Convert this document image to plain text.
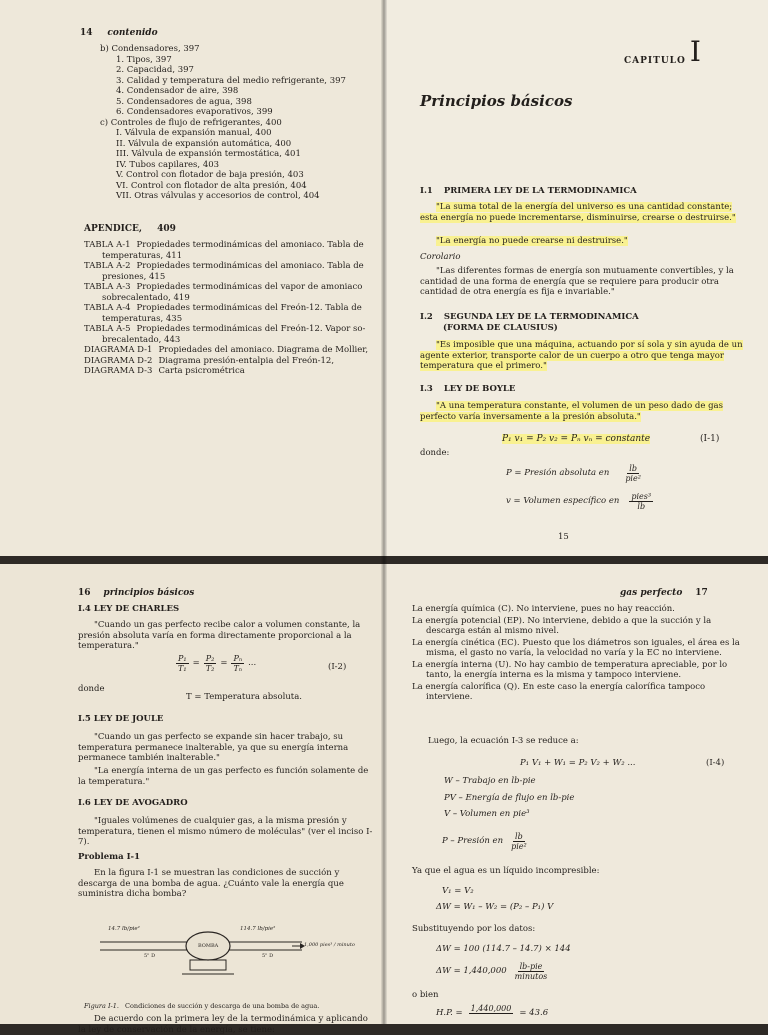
14 contenido
b) Condensadores, 397
1. Tipos, 397
2. Capacidad, 397
3. Calidad y temperatura del medio refrigerante, 397
4. Condensador de aire, 398
5. Condensadores de agua, 398
6. Condensadores evaporativos, 399
c) Controles de flujo de refrigerantes, 400
I. Válvula de expansión manual, 400
II. Válvula de expansión automática, 400
III. Válvula de expansión termostática, 401
IV. Tubos capilares, 403
V. Control con flotador de baja presión, 403
VI. Control con flotador de alta presión, 404
VII. Otras válvulas y accesorios de control, 404
APENDICE, 409
TABLA A-1 Propiedades termodinámicas del amoniaco. Tabla de
temperaturas, 411
TABLA A-2 Propiedades termodinámicas del amoniaco. Tabla de
presiones, 415
TABLA A-3 Propiedades termodinámicas del vapor de amoniaco
sobrecalentado, 419
TABLA A-4 Propiedades termodinámicas del Freón-12. Tabla de
temperaturas, 435
TABLA A-5 Propiedades termodinámicas del Freón-12. Vapor so-
brecalentado, 443
DIAGRAMA D-1 Propiedades del amoniaco. Diagrama de Mollier,
DIAGRAMA D-2 Diagrama presión-entalpia del Freón-12,
DIAGRAMA D-3 Carta psicrométrica
CAPITULO I
Principios básicos
I.1 PRIMERA LEY DE LA TERMODINAMICA
"La suma total de la energía del universo es una cantidad constante; esta energía no puede incrementarse, disminuirse, crearse o destruirse."
"La energía no puede crearse ni destruirse."
Corolario
"Las diferentes formas de energía son mutuamente convertibles, y la cantidad de una forma de energía que se requiere para producir otra cantidad de otra energía es fija e invariable."
I.2 SEGUNDA LEY DE LA TERMODINAMICA
(FORMA DE CLAUSIUS)
"Es imposible que una máquina, actuando por sí sola y sin ayuda de un agente exterior, transporte calor de un cuerpo a otro que tenga mayor temperatura que el primero."
I.3 LEY DE BOYLE
"A una temperatura constante, el volumen de un peso dado de gas perfecto varía inversamente a la presión absoluta."
P₁ v₁ = P₂ v₂ = Pₙ vₙ = constante	(I-1)
donde:
P = Presión absoluta en $\frac{lb}{\text{pie²}}$
v = Volumen específico en $\frac{\text{pies³}}{lb}$
15
16 principios básicos
I.4 LEY DE CHARLES
"Cuando un gas perfecto recibe calor a volumen constante, la presión absoluta varía en forma directamente proporcional a la temperatura."
$\frac{\text{P₁}}{\text{T₁}} = \frac{\text{P₂}}{\text{T₂}} = \frac{\text{Pₙ}}{\text{Tₙ}}$ ...	(I-2)
donde
T = Temperatura absoluta.
I.5 LEY DE JOULE
"Cuando un gas perfecto se expande sin hacer trabajo, su temperatura permanece inalterable, ya que su energía interna permanece también inalterable."
"La energía interna de un gas perfecto es función solamente de la temperatura."
I.6 LEY DE AVOGADRO
"Iguales volúmenes de cualquier gas, a la misma presión y temperatura, tienen el mismo número de moléculas" (ver el inciso I-7).
Problema I-1
En la figura I-1 se muestran las condiciones de succión y descarga de una bomba de agua. ¿Cuánto vale la energía que suministra dicha bomba?
14.7 lb/pie²	114.7 lb/pie²
1,000 pies³ / minuto
BOMBA
5" D	5" D
Figura I-1. Condiciones de succión y descarga de una bomba de agua.
De acuerdo con la primera ley de la termodinámica y aplicando la ley de conservación de la energía, se tiene:
gas perfecto 17
La energía química (C). No interviene, pues no hay reacción.
La energía potencial (EP). No interviene, debido a que la succión y la descarga están al mismo nivel.
La energía cinética (EC). Puesto que los diámetros son iguales, el área es la misma, el gasto no varía, la velocidad no varía y la EC no interviene.
La energía interna (U). No hay cambio de temperatura apreciable, por lo tanto, la energía interna es la misma y tampoco interviene.
La energía calorífica (Q). En este caso la energía calorífica tampoco interviene.
Luego, la ecuación I-3 se reduce a:
P₁ V₁ + W₁ = P₂ V₂ + W₂ ...	(I-4)
W – Trabajo en lb-pie
PV – Energía de flujo en lb-pie
V – Volumen en pie³
P – Presión en $\frac{lb}{\text{pie²}}$
Ya que el agua es un líquido incompresible:
V₁ = V₂
ΔW = W₁ – W₂ = (P₂ – P₁) V
Substituyendo por los datos:
ΔW = 100 (114.7 – 14.7) × 144
$\Delta W = 1,440,000 \frac{\text{lb-pie}}{\text{minutos}}$
o bien
H.P. = 1,440,000
= 43.6
